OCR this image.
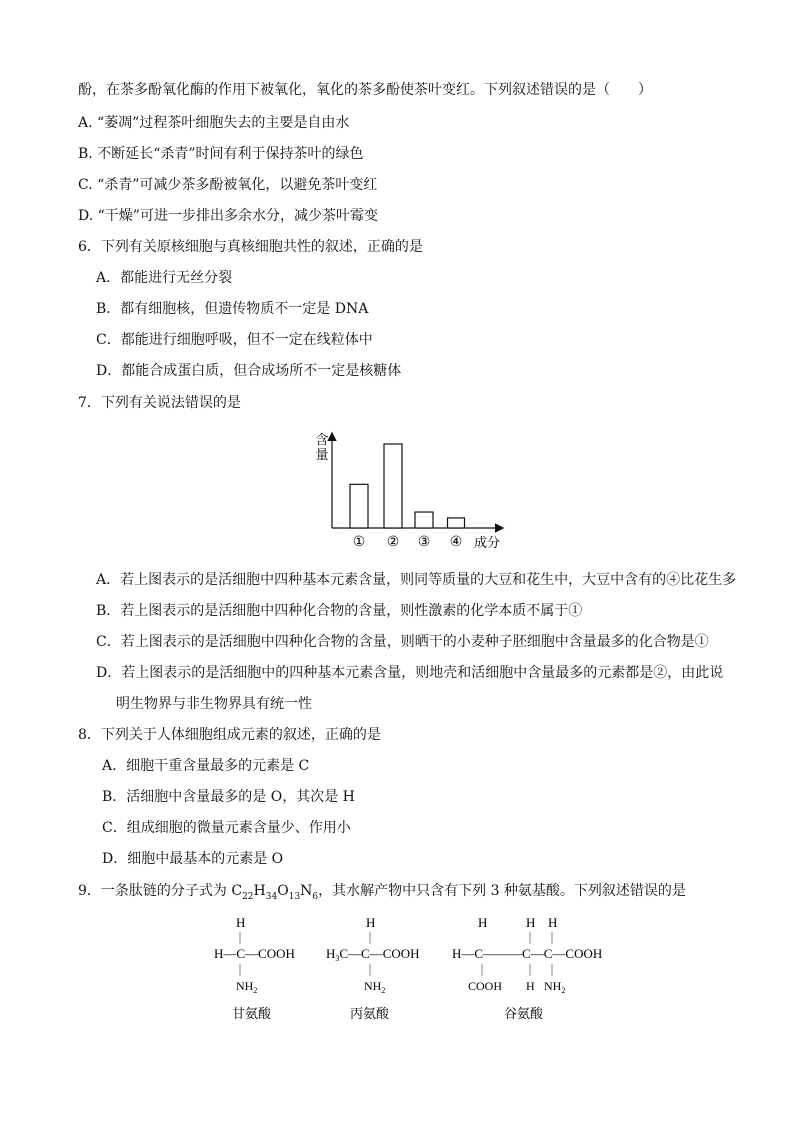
酚，在茶多酚氧化酶的作用下被氧化，氧化的茶多酚使茶叶变红。下列叙述错误的是（　　）
A. “萎凋”过程茶叶细胞失去的主要是自由水
B. 不断延长“杀青”时间有利于保持茶叶的绿色
C. “杀青”可减少茶多酚被氧化，以避免茶叶变红
D. “干燥”可进一步排出多余水分，减少茶叶霉变
6．下列有关原核细胞与真核细胞共性的叙述，正确的是
A．都能进行无丝分裂
B．都有细胞核，但遗传物质不一定是 DNA
C．都能进行细胞呼吸，但不一定在线粒体中
D．都能合成蛋白质，但合成场所不一定是核糖体
7．下列有关说法错误的是
含
量
① ② ③ ④ 成分
A．若上图表示的是活细胞中四种基本元素含量，则同等质量的大豆和花生中，大豆中含有的④比花生多
B．若上图表示的是活细胞中四种化合物的含量，则性激素的化学本质不属于①
C．若上图表示的是活细胞中四种化合物的含量，则晒干的小麦种子胚细胞中含量最多的化合物是①
D．若上图表示的是活细胞中的四种基本元素含量，则地壳和活细胞中含量最多的元素都是②，由此说
明生物界与非生物界具有统一性
8．下列关于人体细胞组成元素的叙述，正确的是
A．细胞干重含量最多的元素是 C
B．活细胞中含量最多的是 O，其次是 H
C．组成细胞的微量元素含量少、作用小
D．细胞中最基本的元素是 O
9．一条肽链的分子式为 $C_{22}H_{34}O_{13}N_6$，其水解产物中只含有下列 3 种氨基酸。下列叙述错误的是
H
H—C—COOH
$NH_2$
甘氨酸
H
$H_3C—C—COOH$
$NH_2$
丙氨酸
H	H H
H—C———C—C—COOH
COOH H $NH_2$
谷氨酸
